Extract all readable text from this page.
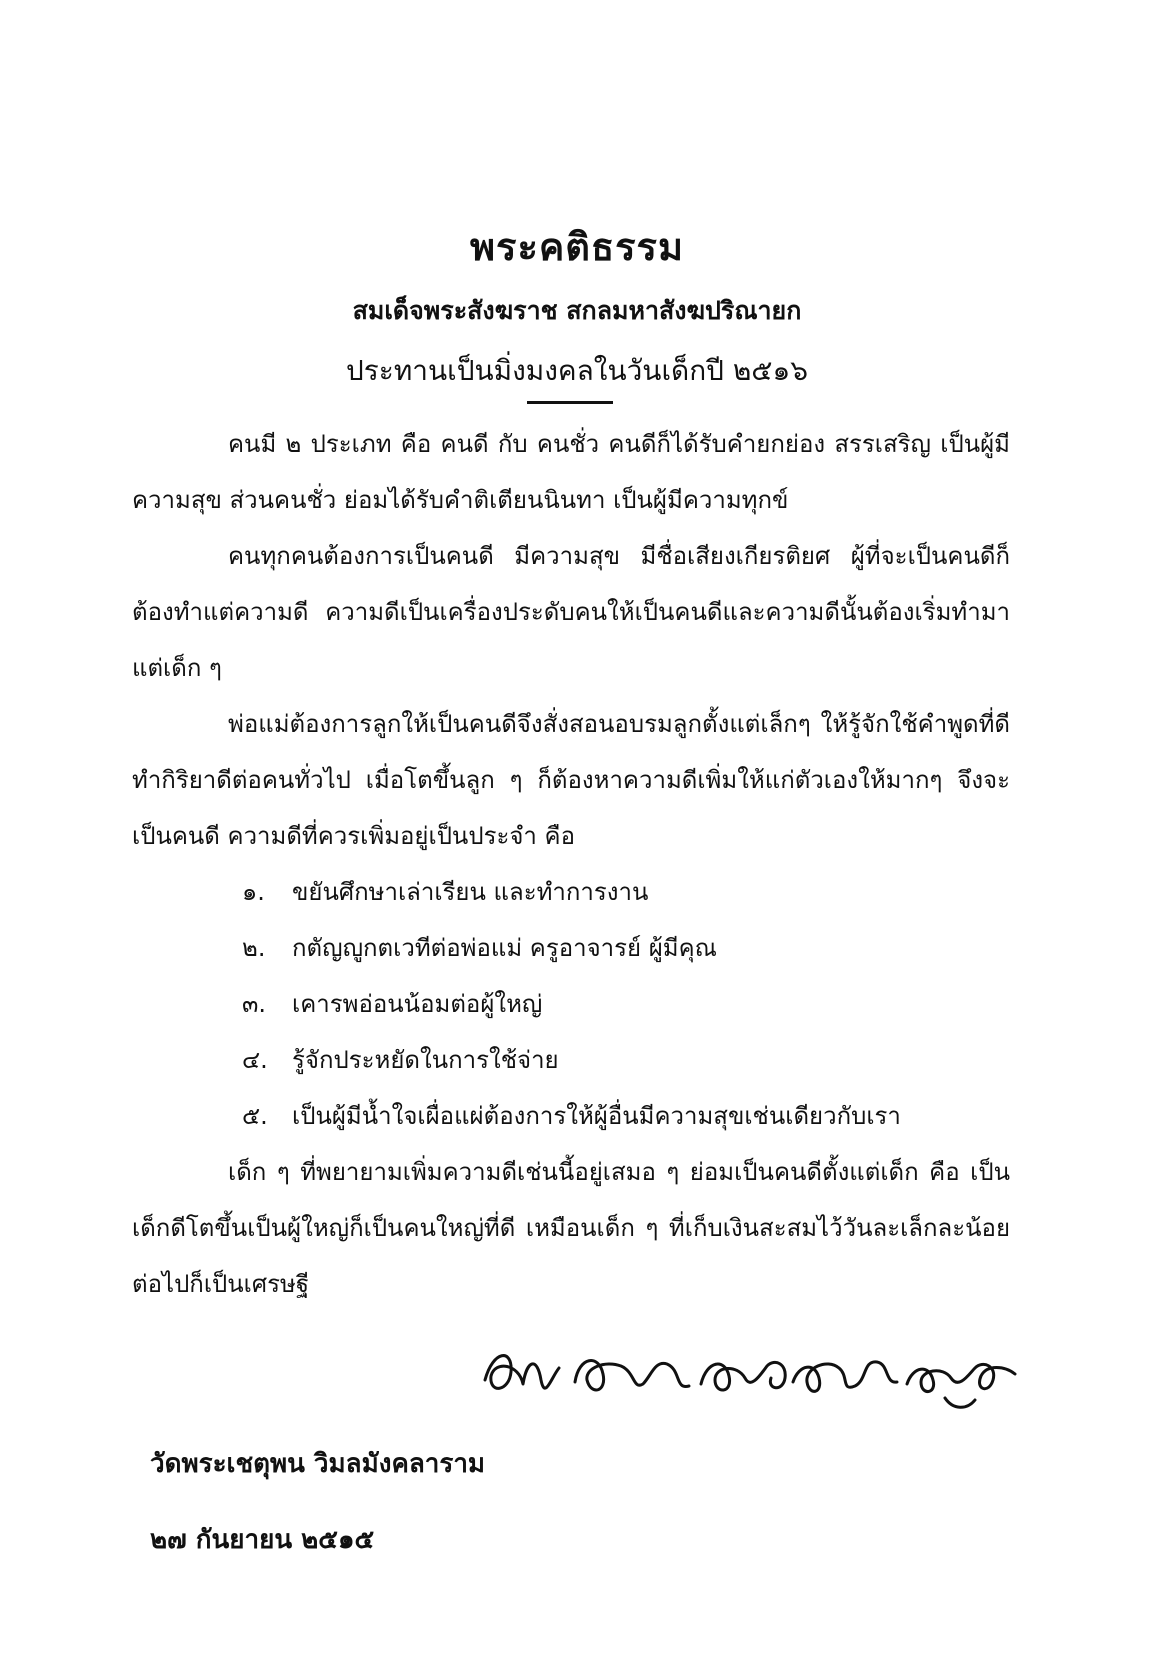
พระคติธรรม
สมเด็จพระสังฆราช สกลมหาสังฆปริณายก
ประทานเป็นมิ่งมงคลในวันเด็กปี ๒๕๑๖

คนมี ๒ ประเภท คือ คนดี กับ คนชั่ว คนดีก็ได้รับคำยกย่อง สรรเสริญ เป็นผู้มีความสุข ส่วนคนชั่ว ย่อมได้รับคำติเตียนนินทา เป็นผู้มีความทุกข์

คนทุกคนต้องการเป็นคนดี มีความสุข มีชื่อเสียงเกียรติยศ ผู้ที่จะเป็นคนดีก็ต้องทำแต่ความดี ความดีเป็นเครื่องประดับคนให้เป็นคนดีและความดีนั้นต้องเริ่มทำมาแต่เด็ก ๆ

พ่อแม่ต้องการลูกให้เป็นคนดีจึงสั่งสอนอบรมลูกตั้งแต่เล็กๆ ให้รู้จักใช้คำพูดที่ดี ทำกิริยาดีต่อคนทั่วไป เมื่อโตขึ้นลูก ๆ ก็ต้องหาความดีเพิ่มให้แก่ตัวเองให้มากๆ จึงจะเป็นคนดี ความดีที่ควรเพิ่มอยู่เป็นประจำ คือ

๑. ขยันศึกษาเล่าเรียน และทำการงาน
๒. กตัญญูกตเวทีต่อพ่อแม่ ครูอาจารย์ ผู้มีคุณ
๓. เคารพอ่อนน้อมต่อผู้ใหญ่
๔. รู้จักประหยัดในการใช้จ่าย
๕. เป็นผู้มีน้ำใจเผื่อแผ่ต้องการให้ผู้อื่นมีความสุขเช่นเดียวกับเรา

เด็ก ๆ ที่พยายามเพิ่มความดีเช่นนี้อยู่เสมอ ๆ ย่อมเป็นคนดีตั้งแต่เด็ก คือ เป็นเด็กดีโตขึ้นเป็นผู้ใหญ่ก็เป็นคนใหญ่ที่ดี เหมือนเด็ก ๆ ที่เก็บเงินสะสมไว้วันละเล็กละน้อย ต่อไปก็เป็นเศรษฐี

วัดพระเชตุพน วิมลมังคลาราม
๒๗ กันยายน ๒๕๑๕
